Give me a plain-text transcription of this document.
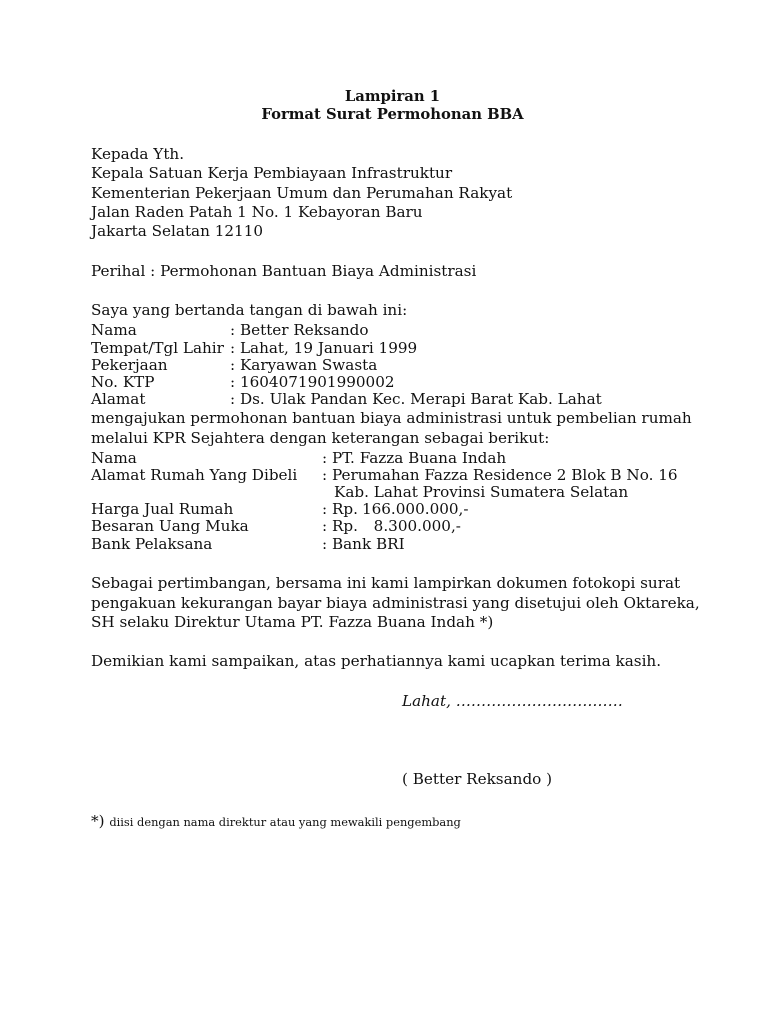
Lampiran 1

Format Surat Permohonan BBA

Kepada Yth.

Kepala Satuan Kerja Pembiayaan Infrastruktur

Kementerian Pekerjaan Umum dan Perumahan Rakyat

Jalan Raden Patah 1 No. 1 Kebayoran Baru

Jakarta Selatan 12110

Perihal : Permohonan Bantuan Biaya Administrasi

Saya yang bertanda tangan di bawah ini:

Nama	: Better Reksando

Tempat/Tgl Lahir : Lahat, 19 Januari 1999

Pekerjaan	: Karyawan Swasta

No. KTP	: 1604071901990002

Alamat	: Ds. Ulak Pandan Kec. Merapi Barat Kab. Lahat

mengajukan permohonan bantuan biaya administrasi untuk pembelian rumah

melalui KPR Sejahtera dengan keterangan sebagai berikut:

Nama	: PT. Fazza Buana Indah

Alamat Rumah Yang Dibeli : Perumahan Fazza Residence 2 Blok B No. 16

Kab. Lahat Provinsi Sumatera Selatan

Harga Jual Rumah	: Rp. 166.000.000,-

Besaran Uang Muka	: Rp. 8.300.000,-

Bank Pelaksana	: Bank BRI

Sebagai pertimbangan, bersama ini kami lampirkan dokumen fotokopi surat

pengakuan kekurangan bayar biaya administrasi yang disetujui oleh Oktareka,

SH selaku Direktur Utama PT. Fazza Buana Indah *)

Demikian kami sampaikan, atas perhatiannya kami ucapkan terima kasih.

Lahat, ……………………………

( Better Reksando )

*) diisi dengan nama direktur atau yang mewakili pengembang
